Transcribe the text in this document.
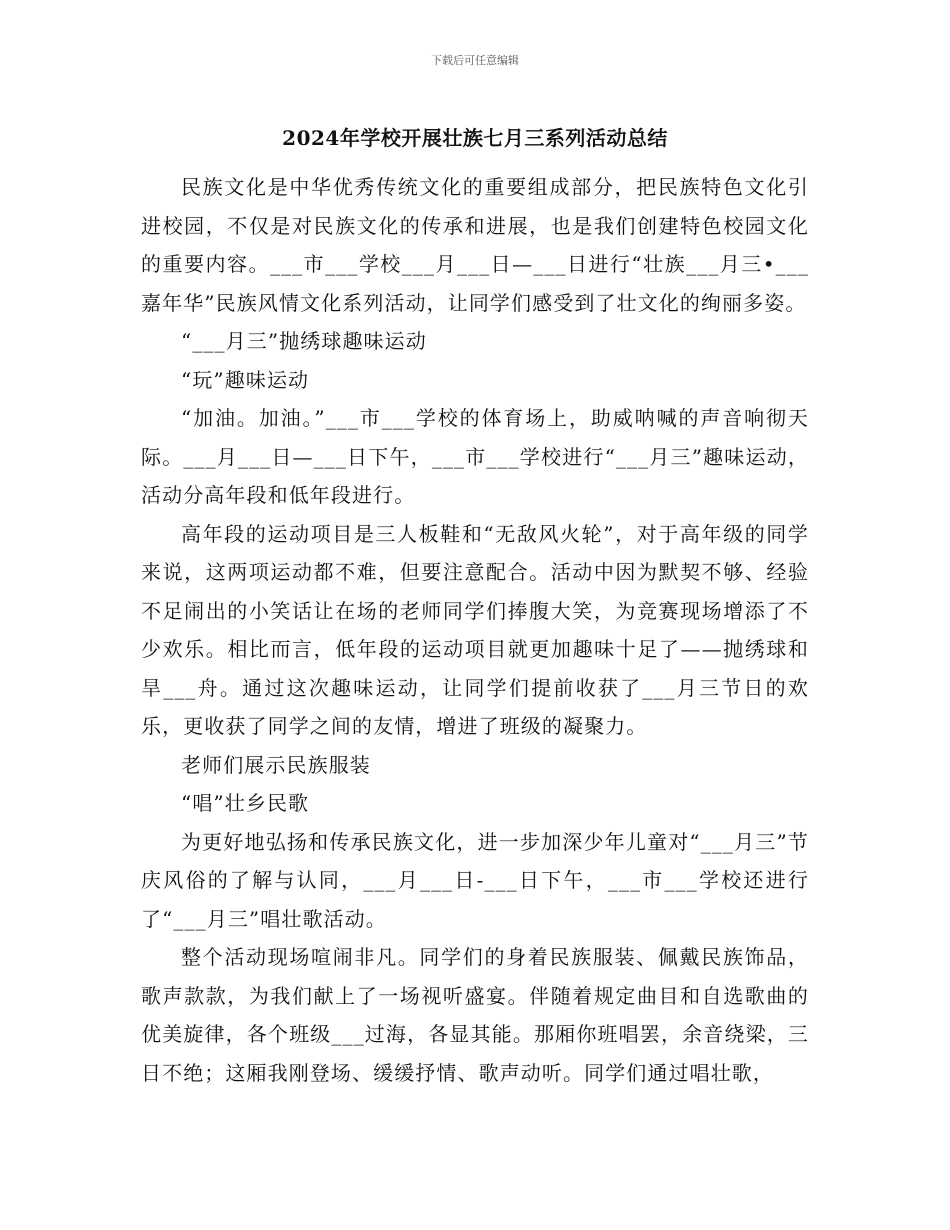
下载后可任意编辑
2024年学校开展壮族七月三系列活动总结

民族文化是中华优秀传统文化的重要组成部分，把民族特色文化引进校园，不仅是对民族文化的传承和进展，也是我们创建特色校园文化的重要内容。___市___学校___月___日—___日进行“壮族___月三•___嘉年华”民族风情文化系列活动，让同学们感受到了壮文化的绚丽多姿。

“___月三”抛绣球趣味运动

“玩”趣味运动

“加油。加油。”___市___学校的体育场上，助威呐喊的声音响彻天际。___月___日—___日下午，___市___学校进行“___月三”趣味运动，活动分高年段和低年段进行。

高年段的运动项目是三人板鞋和“无敌风火轮”，对于高年级的同学来说，这两项运动都不难，但要注意配合。活动中因为默契不够、经验不足闹出的小笑话让在场的老师同学们捧腹大笑，为竞赛现场增添了不少欢乐。相比而言，低年段的运动项目就更加趣味十足了——抛绣球和旱___舟。通过这次趣味运动，让同学们提前收获了___月三节日的欢乐，更收获了同学之间的友情，增进了班级的凝聚力。

老师们展示民族服装

“唱”壮乡民歌

为更好地弘扬和传承民族文化，进一步加深少年儿童对“___月三”节庆风俗的了解与认同，___月___日-___日下午，___市___学校还进行了“___月三”唱壮歌活动。

整个活动现场喧闹非凡。同学们的身着民族服装、佩戴民族饰品，歌声款款，为我们献上了一场视听盛宴。伴随着规定曲目和自选歌曲的优美旋律，各个班级___过海，各显其能。那厢你班唱罢，余音绕梁，三日不绝；这厢我刚登场、缓缓抒情、歌声动听。同学们通过唱壮歌，
